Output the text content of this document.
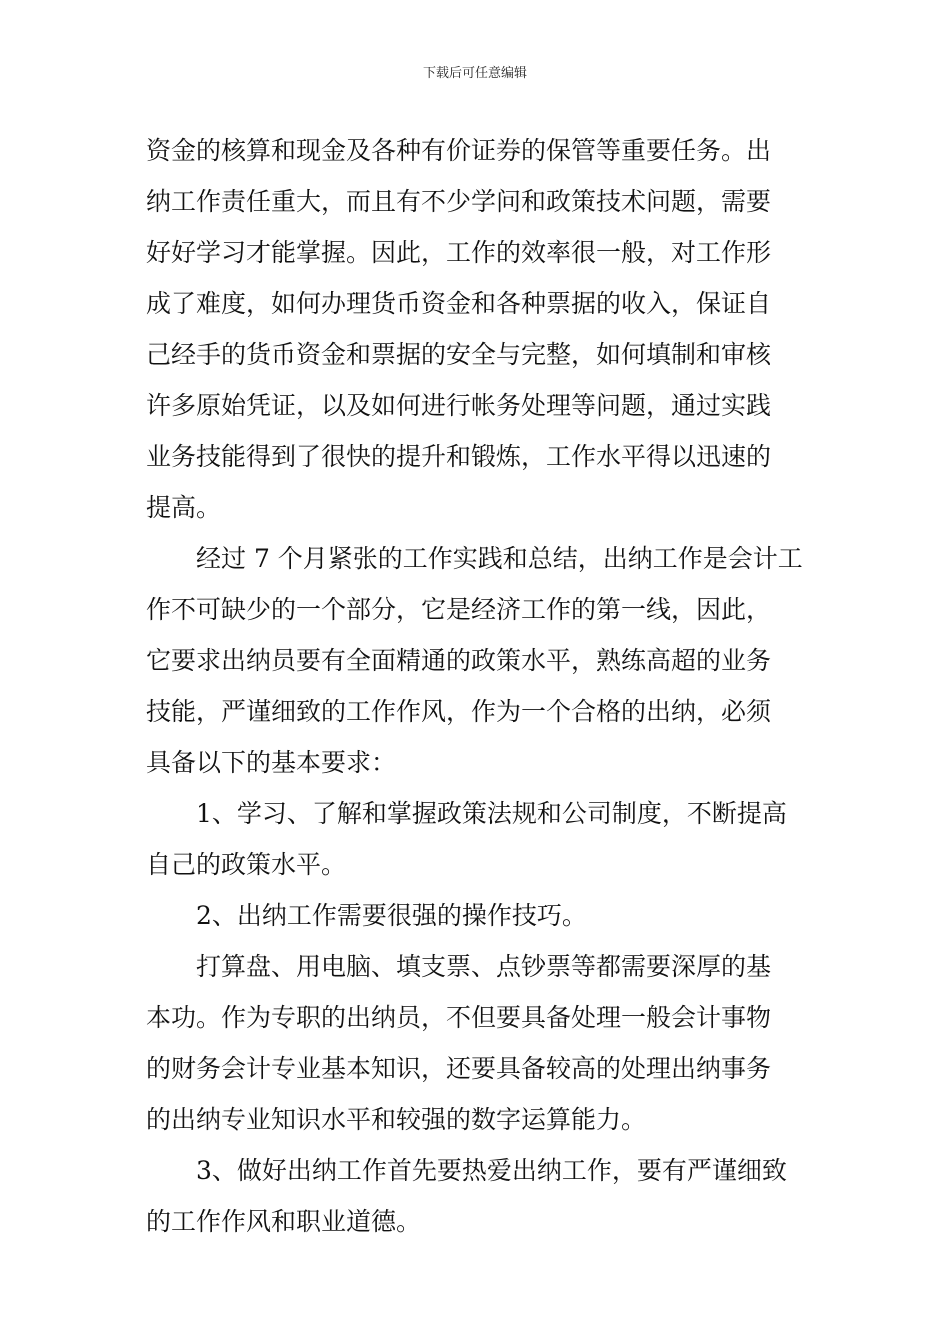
下载后可任意编辑
资金的核算和现金及各种有价证券的保管等重要任务。出
纳工作责任重大，而且有不少学问和政策技术问题，需要
好好学习才能掌握。因此，工作的效率很一般，对工作形
成了难度，如何办理货币资金和各种票据的收入，保证自
己经手的货币资金和票据的安全与完整，如何填制和审核
许多原始凭证，以及如何进行帐务处理等问题，通过实践
业务技能得到了很快的提升和锻炼，工作水平得以迅速的
提高。
经过 7 个月紧张的工作实践和总结，出纳工作是会计工
作不可缺少的一个部分，它是经济工作的第一线，因此，
它要求出纳员要有全面精通的政策水平，熟练高超的业务
技能，严谨细致的工作作风，作为一个合格的出纳，必须
具备以下的基本要求：
1、学习、了解和掌握政策法规和公司制度，不断提高
自己的政策水平。
2、出纳工作需要很强的操作技巧。
打算盘、用电脑、填支票、点钞票等都需要深厚的基
本功。作为专职的出纳员，不但要具备处理一般会计事物
的财务会计专业基本知识，还要具备较高的处理出纳事务
的出纳专业知识水平和较强的数字运算能力。
3、做好出纳工作首先要热爱出纳工作，要有严谨细致
的工作作风和职业道德。
